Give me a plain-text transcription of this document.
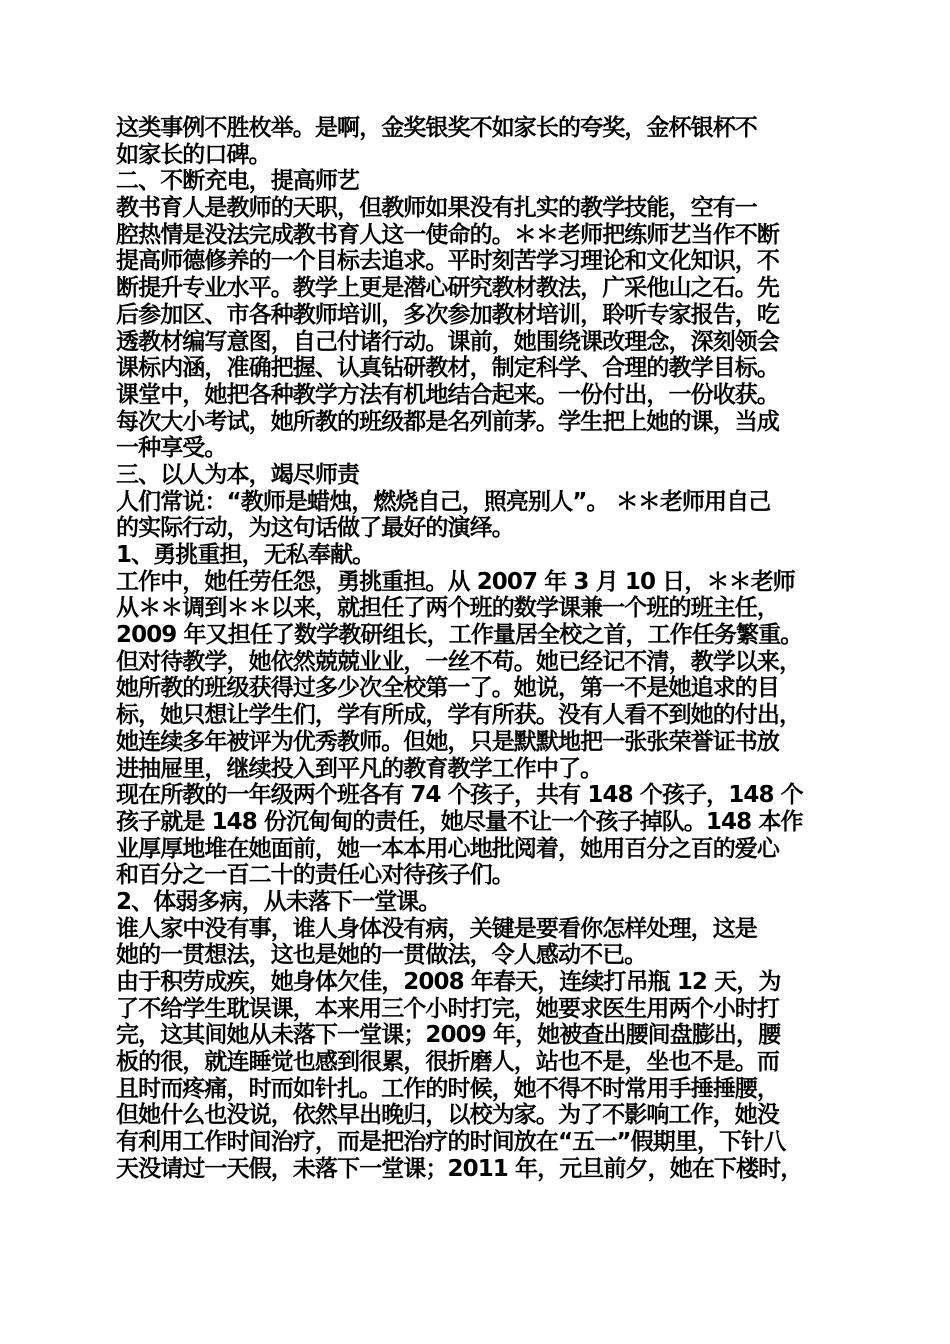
这类事例不胜枚举。是啊，金奖银奖不如家长的夸奖，金杯银杯不
如家长的口碑。
二、不断充电，提高师艺
教书育人是教师的天职，但教师如果没有扎实的教学技能，空有一
腔热情是没法完成教书育人这一使命的。＊＊老师把练师艺当作不断
提高师德修养的一个目标去追求。平时刻苦学习理论和文化知识，不
断提升专业水平。教学上更是潜心研究教材教法，广采他山之石。先
后参加区、市各种教师培训，多次参加教材培训，聆听专家报告，吃
透教材编写意图，自己付诸行动。课前，她围绕课改理念，深刻领会
课标内涵，准确把握、认真钻研教材，制定科学、合理的教学目标。
课堂中，她把各种教学方法有机地结合起来。一份付出，一份收获。
每次大小考试，她所教的班级都是名列前茅。学生把上她的课，当成
一种享受。
三、以人为本，竭尽师责
人们常说：“教师是蜡烛，燃烧自己，照亮别人”。 ＊＊老师用自己
的实际行动，为这句话做了最好的演绎。
1、勇挑重担，无私奉献。
工作中，她任劳任怨，勇挑重担。从 2007 年 3 月 10 日，＊＊老师
从＊＊调到＊＊以来，就担任了两个班的数学课兼一个班的班主任，
2009 年又担任了数学教研组长，工作量居全校之首，工作任务繁重。
但对待教学，她依然兢兢业业，一丝不苟。她已经记不清，教学以来，
她所教的班级获得过多少次全校第一了。她说，第一不是她追求的目
标，她只想让学生们，学有所成，学有所获。没有人看不到她的付出，
她连续多年被评为优秀教师。但她，只是默默地把一张张荣誉证书放
进抽屉里，继续投入到平凡的教育教学工作中了。
现在所教的一年级两个班各有 74 个孩子，共有 148 个孩子，148 个
孩子就是 148 份沉甸甸的责任，她尽量不让一个孩子掉队。148 本作
业厚厚地堆在她面前，她一本本用心地批阅着，她用百分之百的爱心
和百分之一百二十的责任心对待孩子们。
2、体弱多病，从未落下一堂课。
谁人家中没有事，谁人身体没有病，关键是要看你怎样处理，这是
她的一贯想法，这也是她的一贯做法，令人感动不已。
由于积劳成疾，她身体欠佳，2008 年春天，连续打吊瓶 12 天，为
了不给学生耽误课，本来用三个小时打完，她要求医生用两个小时打
完，这其间她从未落下一堂课；2009 年，她被查出腰间盘膨出，腰
板的很，就连睡觉也感到很累，很折磨人，站也不是，坐也不是。而
且时而疼痛，时而如针扎。工作的时候，她不得不时常用手捶捶腰，
但她什么也没说，依然早出晚归，以校为家。为了不影响工作，她没
有利用工作时间治疗，而是把治疗的时间放在“五一”假期里，下针八
天没请过一天假，未落下一堂课；2011 年，元旦前夕，她在下楼时，
